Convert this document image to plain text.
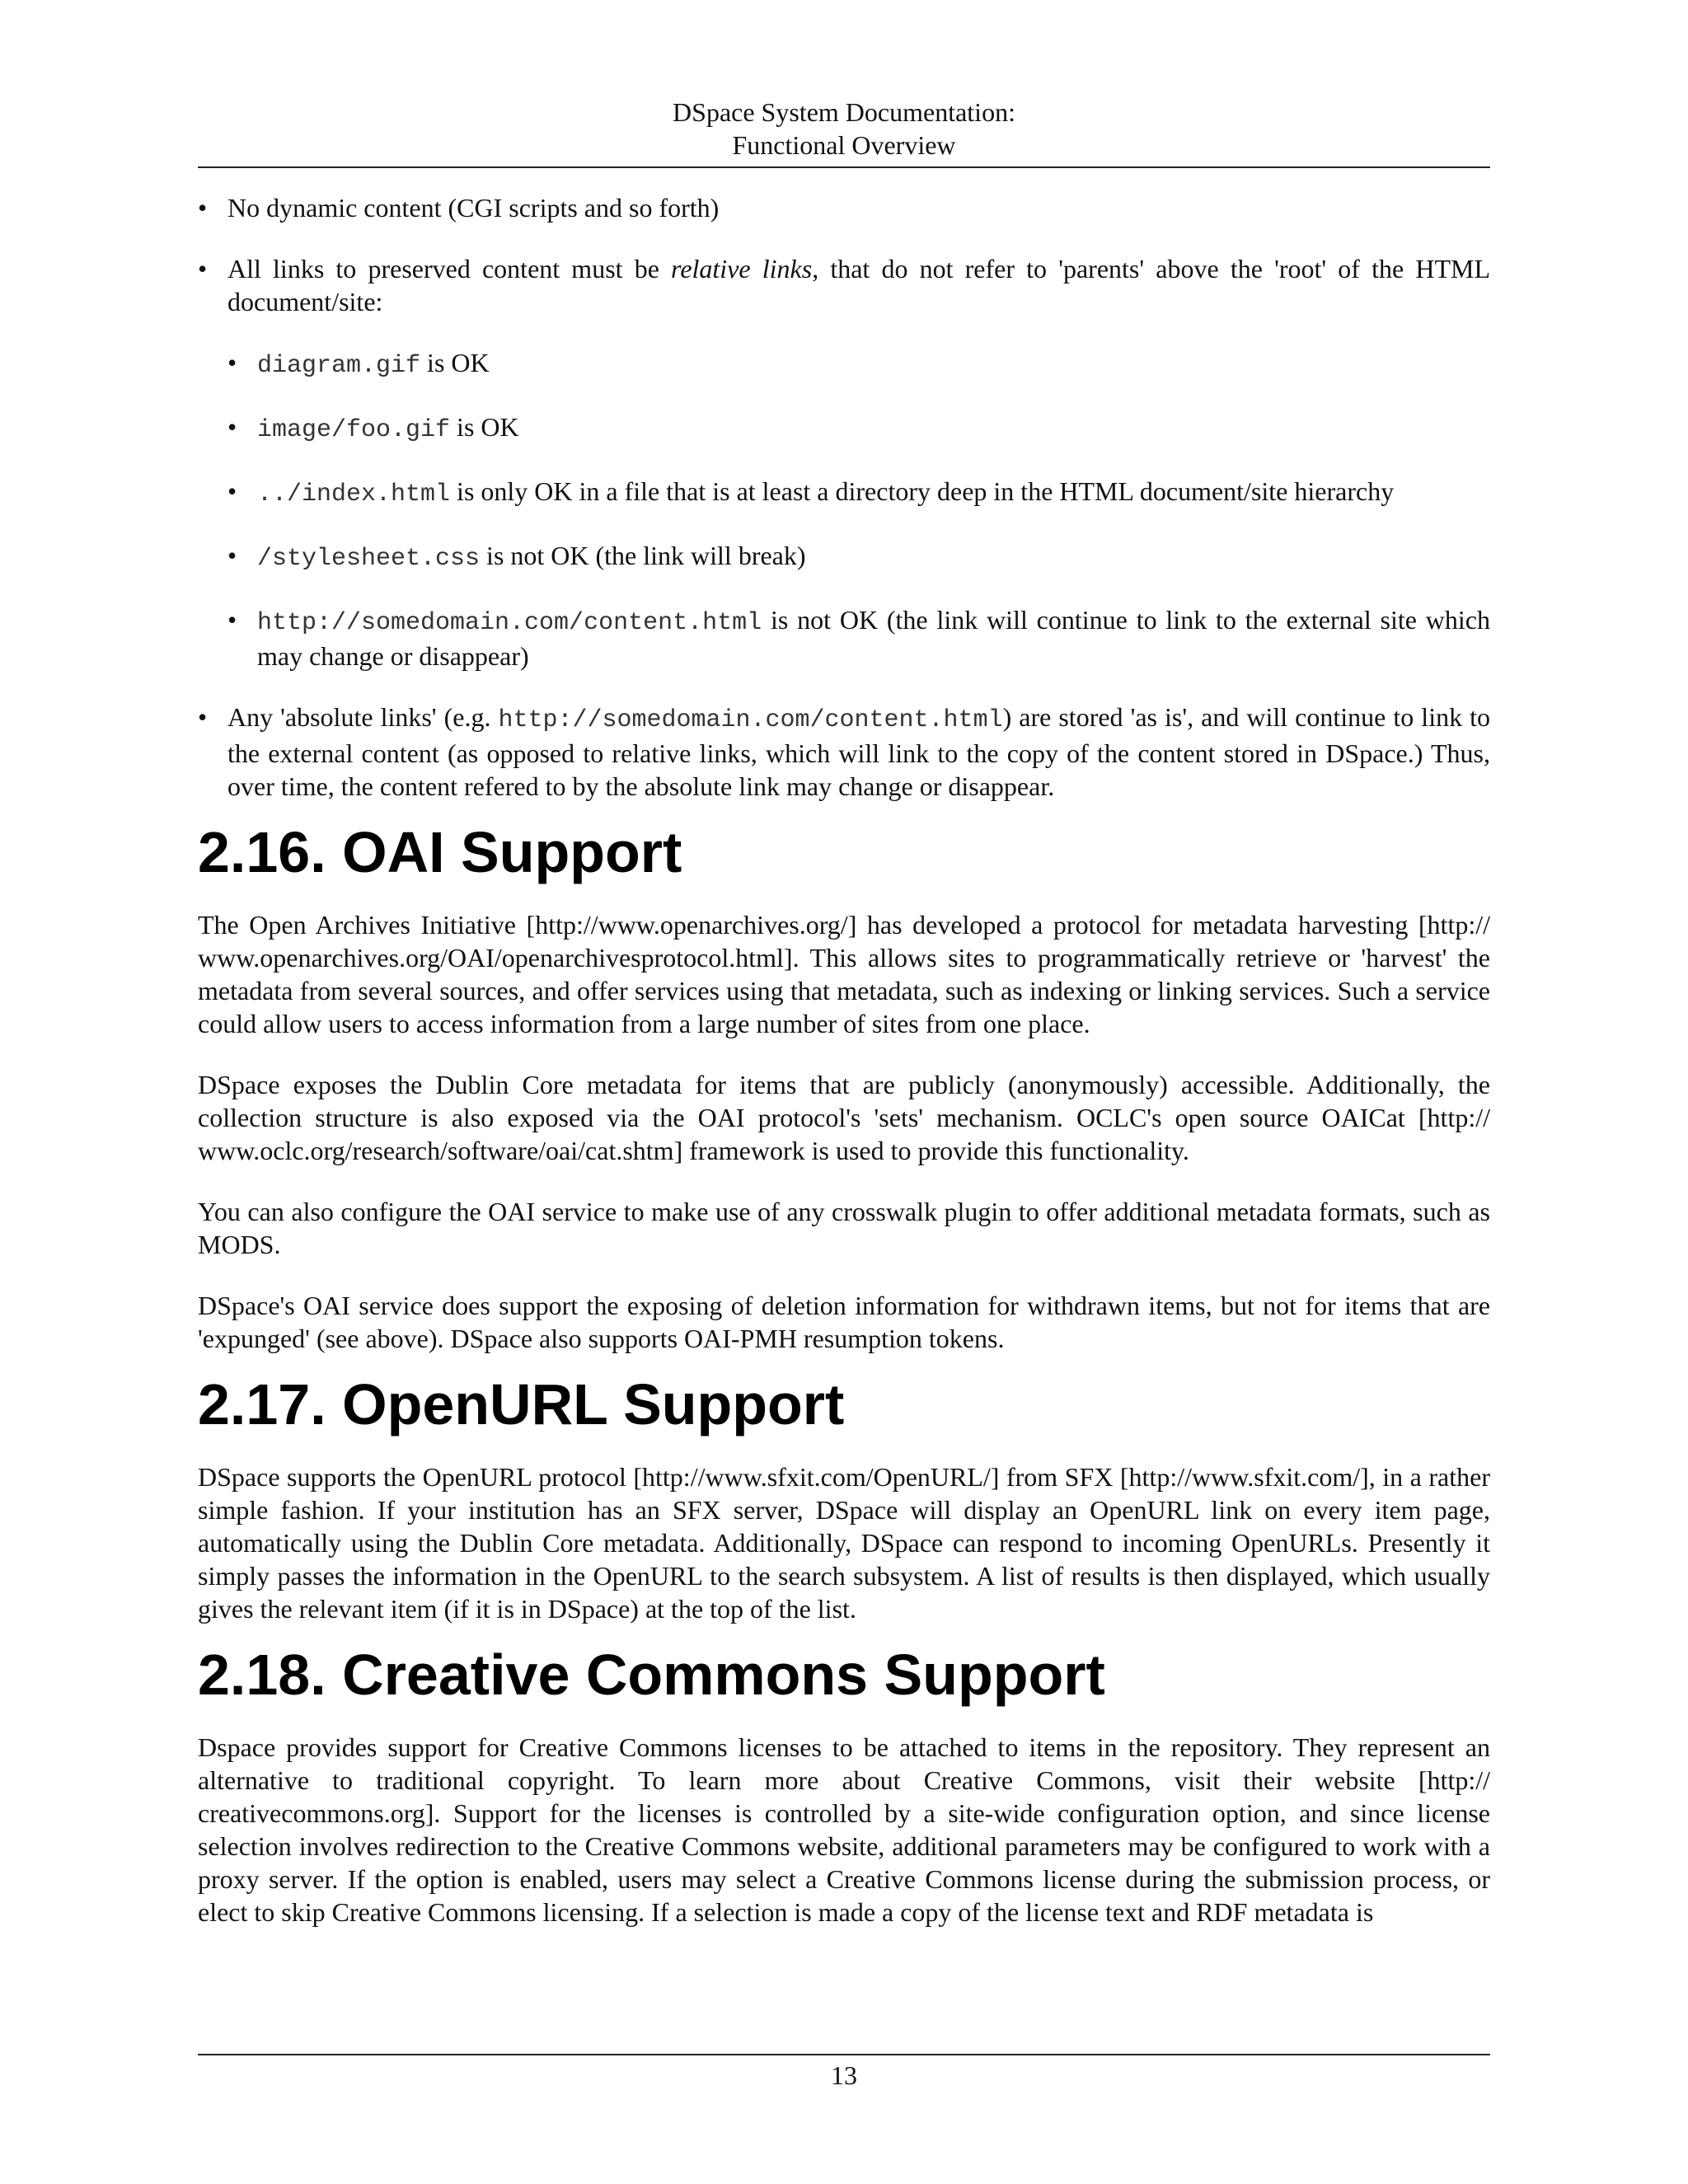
DSpace System Documentation:
Functional Overview
• No dynamic content (CGI scripts and so forth)
• All links to preserved content must be relative links, that do not refer to 'parents' above the 'root' of the HTML document/site:
• diagram.gif is OK
• image/foo.gif is OK
• ../index.html is only OK in a file that is at least a directory deep in the HTML document/site hierarchy
• /stylesheet.css is not OK (the link will break)
• http://somedomain.com/content.html is not OK (the link will continue to link to the external site which may change or disappear)
• Any 'absolute links' (e.g. http://somedomain.com/content.html) are stored 'as is', and will continue to link to the external content (as opposed to relative links, which will link to the copy of the content stored in DSpace.) Thus, over time, the content refered to by the absolute link may change or disappear.
2.16. OAI Support

The Open Archives Initiative [http://www.openarchives.org/] has developed a protocol for metadata harvesting [http:// www.openarchives.org/OAI/openarchivesprotocol.html]. This allows sites to programmatically retrieve or 'harvest' the metadata from several sources, and offer services using that metadata, such as indexing or linking services. Such a service could allow users to access information from a large number of sites from one place.

DSpace exposes the Dublin Core metadata for items that are publicly (anonymously) accessible. Additionally, the collection structure is also exposed via the OAI protocol's 'sets' mechanism. OCLC's open source OAICat [http:// www.oclc.org/research/software/oai/cat.shtm] framework is used to provide this functionality.

You can also configure the OAI service to make use of any crosswalk plugin to offer additional metadata formats, such as MODS.

DSpace's OAI service does support the exposing of deletion information for withdrawn items, but not for items that are 'expunged' (see above). DSpace also supports OAI-PMH resumption tokens.

2.17. OpenURL Support

DSpace supports the OpenURL protocol [http://www.sfxit.com/OpenURL/] from SFX [http://www.sfxit.com/], in a rather simple fashion. If your institution has an SFX server, DSpace will display an OpenURL link on every item page, automatically using the Dublin Core metadata. Additionally, DSpace can respond to incoming OpenURLs. Presently it simply passes the information in the OpenURL to the search subsystem. A list of results is then displayed, which usually gives the relevant item (if it is in DSpace) at the top of the list.

2.18. Creative Commons Support

Dspace provides support for Creative Commons licenses to be attached to items in the repository. They represent an alternative to traditional copyright. To learn more about Creative Commons, visit their website [http:// creativecommons.org]. Support for the licenses is controlled by a site-wide configuration option, and since license selection involves redirection to the Creative Commons website, additional parameters may be configured to work with a proxy server. If the option is enabled, users may select a Creative Commons license during the submission process, or elect to skip Creative Commons licensing. If a selection is made a copy of the license text and RDF metadata is

13
